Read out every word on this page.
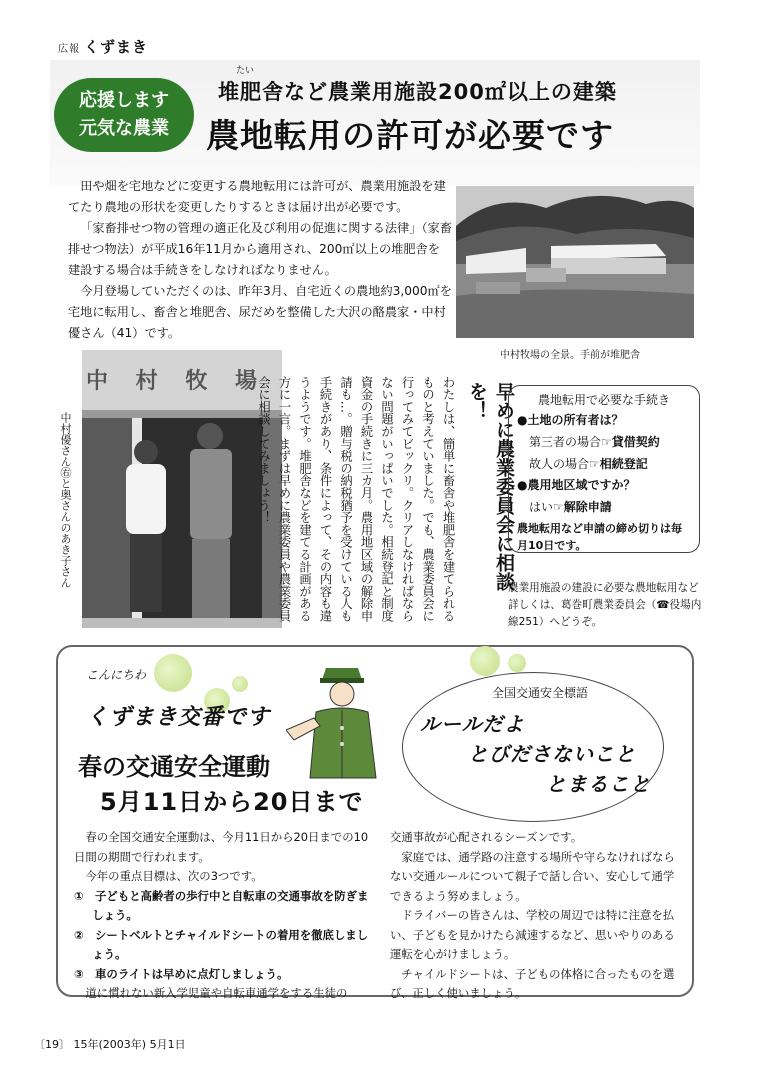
広報 くずまき
応援します
元気な農業
たい
堆肥舎など農業用施設200㎡以上の建築
農地転用の許可が必要です

田や畑を宅地などに変更する農地転用には許可が、農業用施設を建てたり農地の形状を変更したりするときは届け出が必要です。

「家畜排せつ物の管理の適正化及び利用の促進に関する法律」（家畜排せつ物法）が平成16年11月から適用され、200㎡以上の堆肥舎を建設する場合は手続きをしなければなりません。

今月登場していただくのは、昨年3月、自宅近くの農地約3,000㎡を宅地に転用し、畜舎と堆肥舎、尿だめを整備した大沢の酪農家・中村優さん（41）です。

中村牧場の全景。手前が堆肥舎
中 村 牧 場
中村優さん㊨と奥さんのあき子さん	早めに農業委員会に相談を！
わたしは、簡単に畜舎や堆肥舎を建てられるものと考えていました。でも、農業委員会に行ってみてビックリ。クリアしなければならない問題がいっぱいでした。相続登記と制度資金の手続きに三カ月。農用地区域の解除申請も…。贈与税の納税猶予を受けている人も手続きがあり、条件によって、その内容も違うようです。堆肥舎などを建てる計画がある方に一言。まずは早めに農業委員や農業委員会に相談してみましょう！	農地転用で必要な手続き
●土地の所有者は？
第三者の場合☞貸借契約
故人の場合☞相続登記
●農用地区域ですか？
はい☞解除申請
農地転用など申請の締め切りは毎月10日です。
農業用施設の建設に必要な農地転用など詳しくは、葛巻町農業委員会（☎役場内線251）へどうぞ。
こんにちわ
くずまき交番です
春の交通安全運動
5月11日から20日まで
全国交通安全標語
ルールだよ
とびださないこと
とまること

春の全国交通安全運動は、今月11日から20日までの10日間の期間で行われます。

今年の重点目標は、次の3つです。

①　子どもと高齢者の歩行中と自転車の交通事故を防ぎましょう。

②　シートベルトとチャイルドシートの着用を徹底しましょう。

③　車のライトは早めに点灯しましょう。

道に慣れない新入学児童や自転車通学をする生徒の

交通事故が心配されるシーズンです。

家庭では、通学路の注意する場所や守らなければならない交通ルールについて親子で話し合い、安心して通学できるよう努めましょう。

ドライバーの皆さんは、学校の周辺では特に注意を払い、子どもを見かけたら減速するなど、思いやりのある運転を心がけましょう。

チャイルドシートは、子どもの体格に合ったものを選び、正しく使いましょう。

〔19〕 15年(2003年) 5月1日
